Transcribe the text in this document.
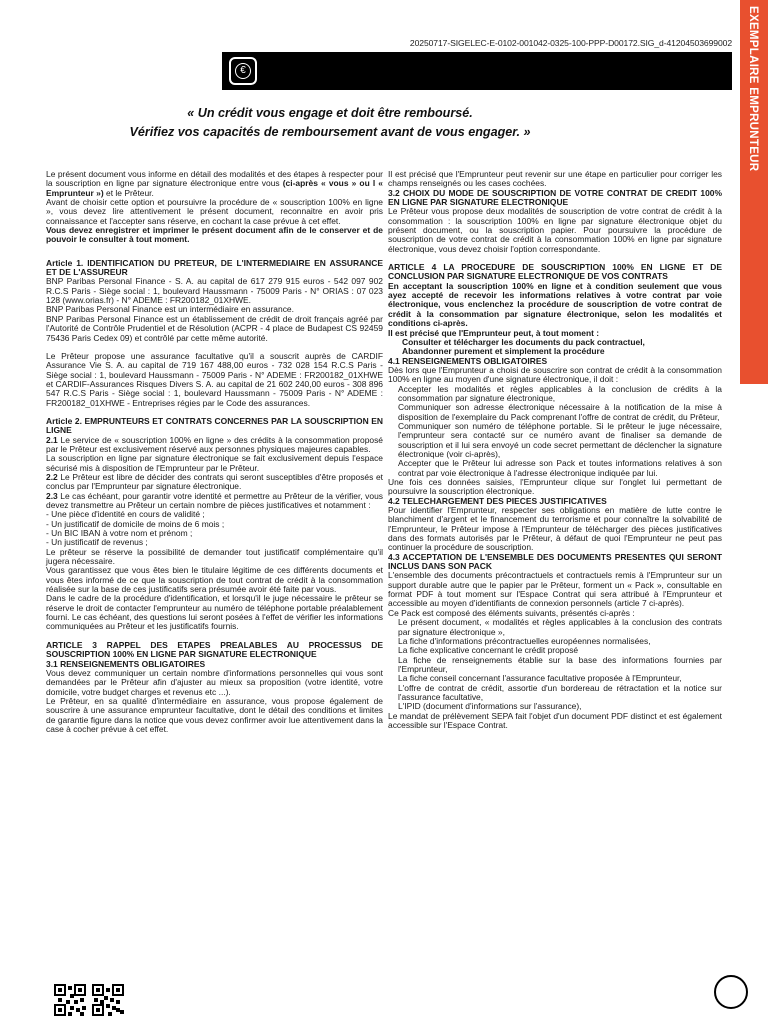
20250717-SIGELEC-E-0102-001042-0325-100-PPP-D00172.SIG_d-41204503699002
€	EXEMPLAIRE EMPRUNTEUR
« Un crédit vous engage et doit être remboursé.
Vérifiez vos capacités de remboursement avant de vous engager. »

Le présent document vous informe en détail des modalités et des étapes à respecter pour la souscription en ligne par signature électronique entre vous (ci-après « vous » ou l « Emprunteur ») et le Prêteur.

Avant de choisir cette option et poursuivre la procédure de « souscription 100% en ligne », vous devez lire attentivement le présent document, reconnaitre en avoir pris connaissance et l'accepter sans réserve, en cochant la case prévue à cet effet.

Vous devez enregistrer et imprimer le présent document afin de le conserver et de pouvoir le consulter à tout moment.

Article 1. IDENTIFICATION DU PRETEUR, DE L'INTERMEDIAIRE EN ASSURANCE ET DE L'ASSUREUR

BNP Paribas Personal Finance - S. A. au capital de 617 279 915 euros - 542 097 902 R.C.S Paris - Siège social : 1, boulevard Haussmann - 75009 Paris - N° ORIAS : 07 023 128 (www.orias.fr) - N° ADEME : FR200182_01XHWE.

BNP Paribas Personal Finance est un intermédiaire en assurance.

BNP Paribas Personal Finance est un établissement de crédit de droit français agréé par l'Autorité de Contrôle Prudentiel et de Résolution (ACPR - 4 place de Budapest CS 92459 75436 Paris Cedex 09) et contrôlé par cette même autorité.

Le Prêteur propose une assurance facultative qu'il a souscrit auprès de CARDIF Assurance Vie S. A. au capital de 719 167 488,00 euros - 732 028 154 R.C.S Paris - Siège social : 1, boulevard Haussmann - 75009 Paris - N° ADEME : FR200182_01XHWE et CARDIF-Assurances Risques Divers S. A. au capital de 21 602 240,00 euros - 308 896 547 R.C.S Paris - Siège social : 1, boulevard Haussmann - 75009 Paris - N° ADEME : FR200182_01XHWE - Entreprises régies par le Code des assurances.

Article 2. EMPRUNTEURS ET CONTRATS CONCERNES PAR LA SOUSCRIPTION EN LIGNE

2.1 Le service de « souscription 100% en ligne » des crédits à la consommation proposé par le Prêteur est exclusivement réservé aux personnes physiques majeures capables.

La souscription en ligne par signature électronique se fait exclusivement depuis l'espace sécurisé mis à disposition de l'Emprunteur par le Prêteur.

2.2 Le Prêteur est libre de décider des contrats qui seront susceptibles d'être proposés et conclus par l'Emprunteur par signature électronique.

2.3 Le cas échéant, pour garantir votre identité et permettre au Prêteur de la vérifier, vous devez transmettre au Prêteur un certain nombre de pièces justificatives et notamment :

- Une pièce d'identité en cours de validité ;

- Un justificatif de domicile de moins de 6 mois ;

- Un BIC IBAN à votre nom et prénom ;

- Un justificatif de revenus ;

Le prêteur se réserve la possibilité de demander tout justificatif complémentaire qu'il jugera nécessaire.

Vous garantissez que vous êtes bien le titulaire légitime de ces différents documents et vous êtes informé de ce que la souscription de tout contrat de crédit à la consommation réalisée sur la base de ces justificatifs sera présumée avoir été faite par vous.

Dans le cadre de la procédure d'identification, et lorsqu'il le juge nécessaire le prêteur se réserve le droit de contacter l'emprunteur au numéro de téléphone portable préalablement fourni. Le cas échéant, des questions lui seront posées à l'effet de vérifier les informations communiquées au Prêteur et les justificatifs fournis.

ARTICLE 3 RAPPEL DES ETAPES PREALABLES AU PROCESSUS DE SOUSCRIPTION 100% EN LIGNE PAR SIGNATURE ELECTRONIQUE

3.1 RENSEIGNEMENTS OBLIGATOIRES

Vous devez communiquer un certain nombre d'informations personnelles qui vous sont demandées par le Prêteur afin d'ajuster au mieux sa proposition (votre identité, votre domicile, votre budget charges et revenus etc ...).

Le Prêteur, en sa qualité d'intermédiaire en assurance, vous propose également de souscrire à une assurance emprunteur facultative, dont le détail des conditions et limites de garantie figure dans la notice que vous devez confirmer avoir lue attentivement dans la case à cocher prévue à cet effet.

Il est précisé que l'Emprunteur peut revenir sur une étape en particulier pour corriger les champs renseignés ou les cases cochées.

3.2 CHOIX DU MODE DE SOUSCRIPTION DE VOTRE CONTRAT DE CREDIT 100% EN LIGNE PAR SIGNATURE ELECTRONIQUE

Le Prêteur vous propose deux modalités de souscription de votre contrat de crédit à la consommation : la souscription 100% en ligne par signature électronique objet du présent document, ou la souscription papier. Pour poursuivre la procédure de souscription de votre contrat de crédit à la consommation 100% en ligne par signature électronique, vous devez choisir l'option correspondante.

ARTICLE 4 LA PROCEDURE DE SOUSCRIPTION 100% EN LIGNE ET DE CONCLUSION PAR SIGNATURE ELECTRONIQUE DE VOS CONTRATS

En acceptant la souscription 100% en ligne et à condition seulement que vous ayez accepté de recevoir les informations relatives à votre contrat par voie électronique, vous enclenchez la procédure de souscription de votre contrat de crédit à la consommation par signature électronique, selon les modalités et conditions ci-après.

Il est précisé que l'Emprunteur peut, à tout moment :

Consulter et télécharger les documents du pack contractuel,

Abandonner purement et simplement la procédure

4.1 RENSEIGNEMENTS OBLIGATOIRES

Dès lors que l'Emprunteur a choisi de souscrire son contrat de crédit à la consommation 100% en ligne au moyen d'une signature électronique, il doit :

Accepter les modalités et règles applicables à la conclusion de crédits à la consommation par signature électronique,

Communiquer son adresse électronique nécessaire à la notification de la mise à disposition de l'exemplaire du Pack comprenant l'offre de contrat de crédit, du Prêteur,

Communiquer son numéro de téléphone portable. Si le prêteur le juge nécessaire, l'emprunteur sera contacté sur ce numéro avant de finaliser sa demande de souscription et il lui sera envoyé un code secret permettant de déclencher la signature électronique (voir ci-après),

Accepter que le Prêteur lui adresse son Pack et toutes informations relatives à son contrat par voie électronique à l'adresse électronique indiquée par lui.

Une fois ces données saisies, l'Emprunteur clique sur l'onglet lui permettant de poursuivre la souscription électronique.

4.2 TELECHARGEMENT DES PIECES JUSTIFICATIVES

Pour identifier l'Emprunteur, respecter ses obligations en matière de lutte contre le blanchiment d'argent et le financement du terrorisme et pour connaître la solvabilité de l'Emprunteur, le Prêteur impose à l'Emprunteur de télécharger des pièces justificatives dans des formats autorisés par le Prêteur, à défaut de quoi l'Emprunteur ne peut pas continuer la procédure de souscription.

4.3 ACCEPTATION DE L'ENSEMBLE DES DOCUMENTS PRESENTES QUI SERONT INCLUS DANS SON PACK

L'ensemble des documents précontractuels et contractuels remis à l'Emprunteur sur un support durable autre que le papier par le Prêteur, forment un « Pack », consultable en format PDF à tout moment sur l'Espace Contrat qui sera attribué à l'Emprunteur et accessible au moyen d'identifiants de connexion personnels (article 7 ci-après).

Ce Pack est composé des éléments suivants, présentés ci-après :

Le présent document, « modalités et règles applicables à la conclusion des contrats par signature électronique »,

La fiche d'informations précontractuelles européennes normalisées,

La fiche explicative concernant le crédit proposé

La fiche de renseignements établie sur la base des informations fournies par l'Emprunteur,

La fiche conseil concernant l'assurance facultative proposée à l'Emprunteur,

L'offre de contrat de crédit, assortie d'un bordereau de rétractation et la notice sur l'assurance facultative,

L'IPID (document d'informations sur l'assurance),

Le mandat de prélèvement SEPA fait l'objet d'un document PDF distinct et est également accessible sur l'Espace Contrat.
